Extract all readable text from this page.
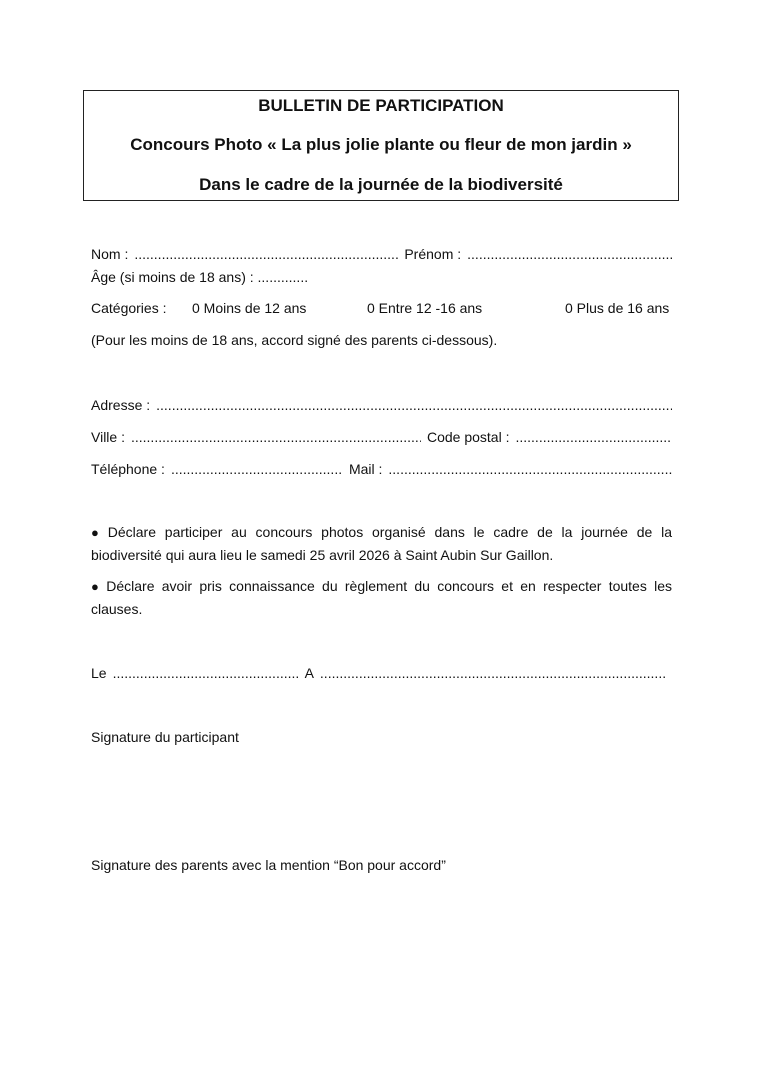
BULLETIN DE PARTICIPATION
Concours Photo « La plus jolie plante ou fleur de mon jardin »
Dans le cadre de la journée de la biodiversité
Nom : .....	Prénom :
.....
Âge (si moins de 18 ans) : .............
Catégories : 0 Moins de 12 ans	0 Entre 12 -16 ans	0 Plus de 16 ans
(Pour les moins de 18 ans, accord signé des parents ci-dessous).
Adresse :
.....
Ville : .....	Code postal :
.....
Téléphone : .....	Mail :
.....

● Déclare participer au concours photos organisé dans le cadre de la journée de la biodiversité qui aura lieu le samedi 25 avril 2026 à Saint Aubin Sur Gaillon.

● Déclare avoir pris connaissance du règlement du concours et en respecter toutes les clauses.

Le .....	A
.....
Signature du participant
Signature des parents avec la mention “Bon pour accord”
